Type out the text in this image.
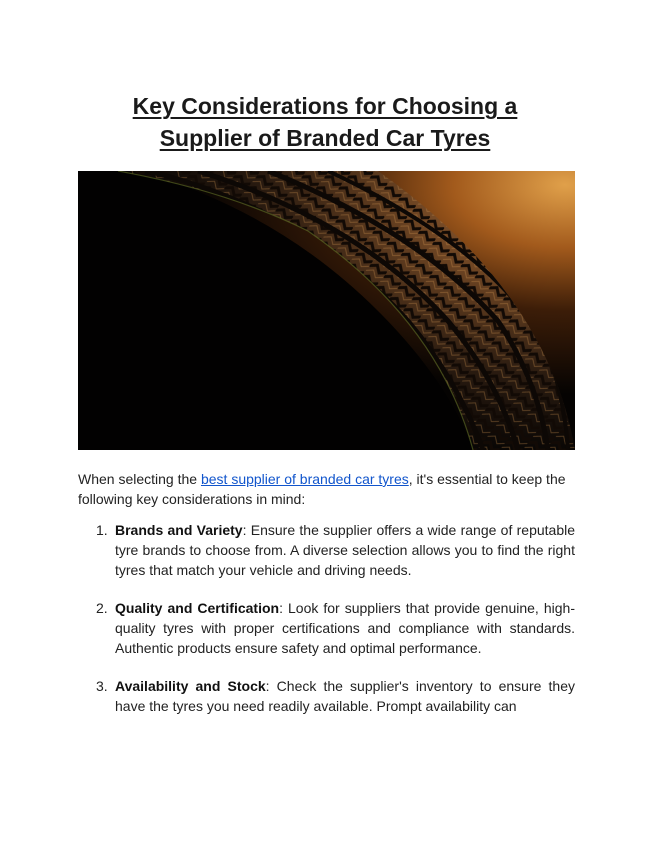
Key Considerations for Choosing a
Supplier of Branded Car Tyres

When selecting the best supplier of branded car tyres, it's essential to keep the following key considerations in mind:

1. Brands and Variety: Ensure the supplier offers a wide range of reputable tyre brands to choose from. A diverse selection allows you to find the right tyres that match your vehicle and driving needs.
2. Quality and Certification: Look for suppliers that provide genuine, high-quality tyres with proper certifications and compliance with standards. Authentic products ensure safety and optimal performance.
3. Availability and Stock: Check the supplier's inventory to ensure they have the tyres you need readily available. Prompt availability can
